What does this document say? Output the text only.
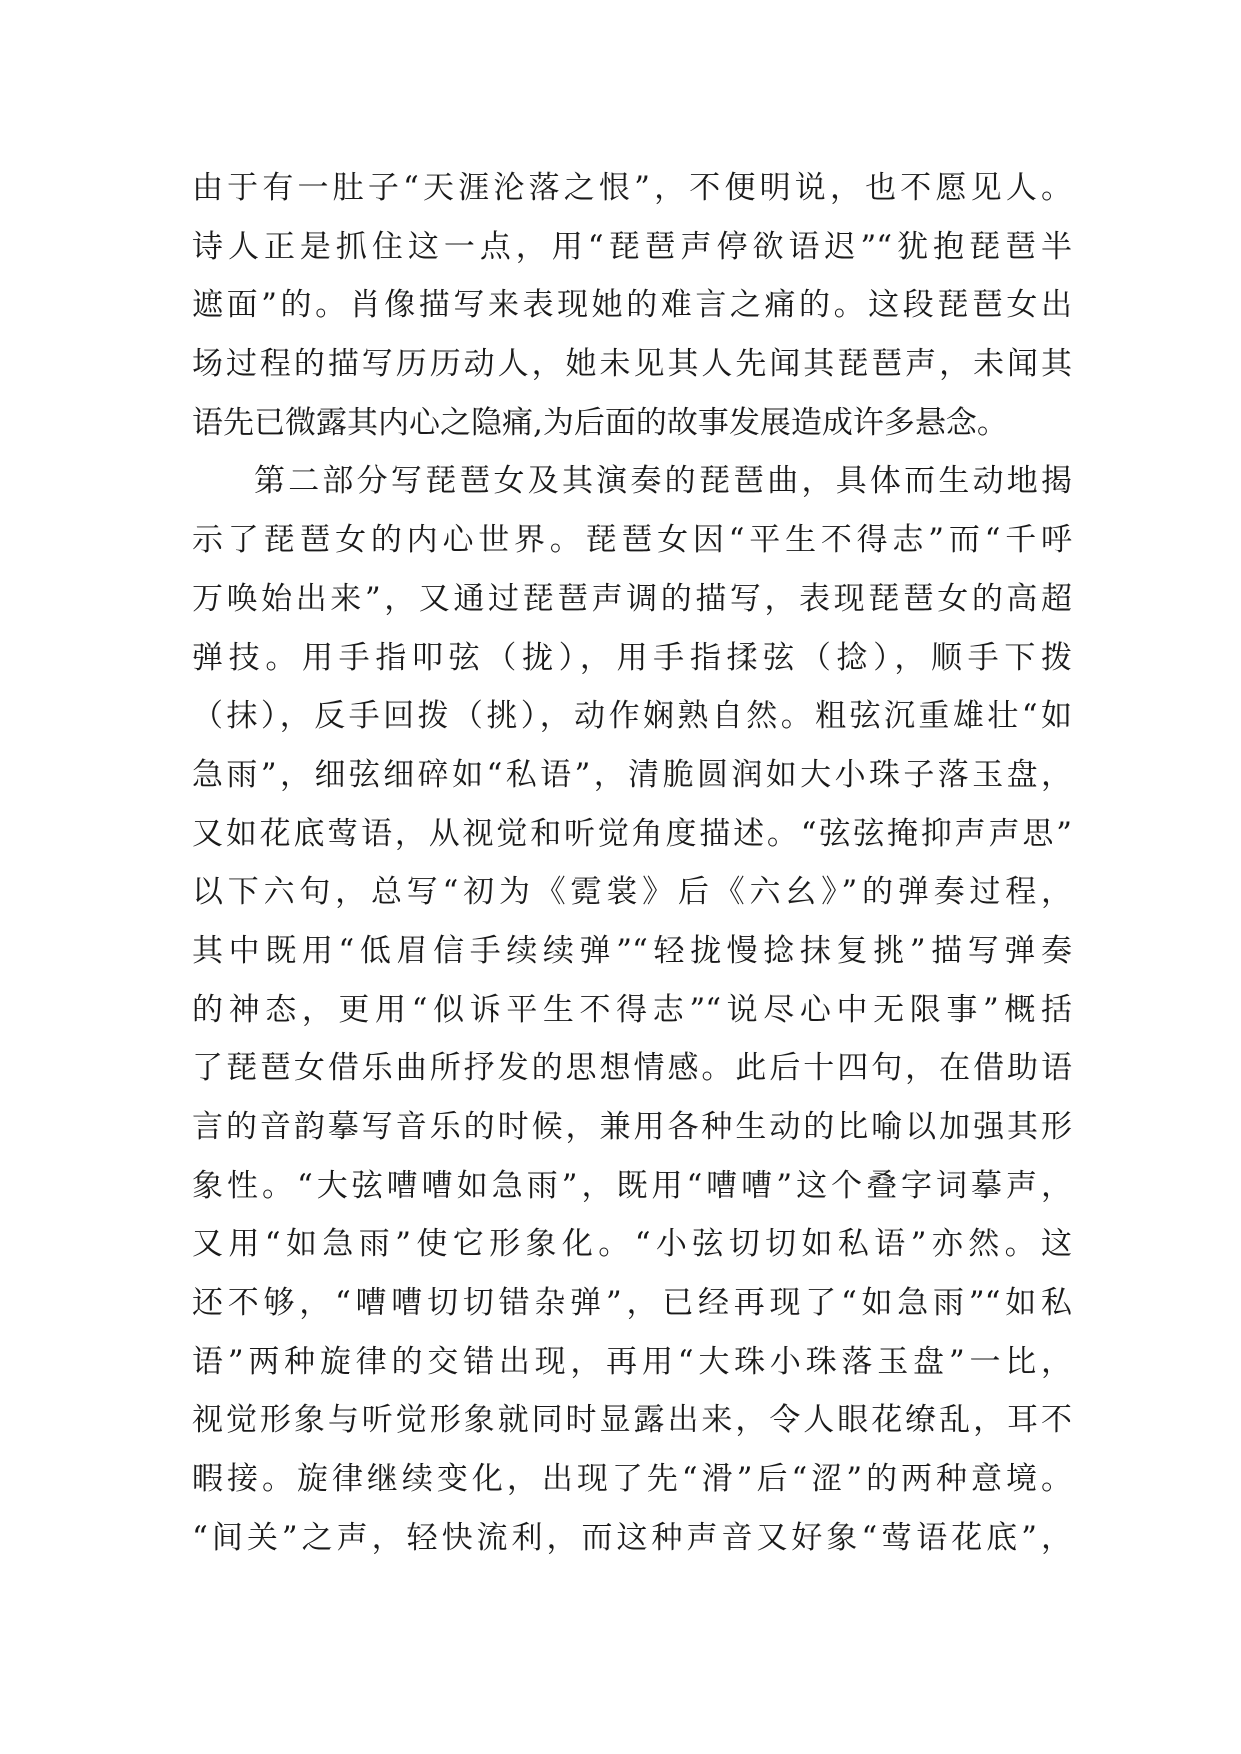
由于有一肚子“天涯沦落之恨”，不便明说，也不愿见人。
诗人正是抓住这一点，用“琵琶声停欲语迟”“犹抱琵琶半
遮面”的。肖像描写来表现她的难言之痛的。这段琵琶女出
场过程的描写历历动人，她未见其人先闻其琵琶声，未闻其
语先已微露其内心之隐痛,为后面的故事发展造成许多悬念。
第二部分写琵琶女及其演奏的琵琶曲，具体而生动地揭
示了琵琶女的内心世界。琵琶女因“平生不得志”而“千呼
万唤始出来”，又通过琵琶声调的描写，表现琵琶女的高超
弹技。用手指叩弦（拢），用手指揉弦（捻），顺手下拨
（抹），反手回拨（挑），动作娴熟自然。粗弦沉重雄壮“如
急雨”，细弦细碎如“私语”，清脆圆润如大小珠子落玉盘，
又如花底莺语，从视觉和听觉角度描述。“弦弦掩抑声声思”
以下六句，总写“初为《霓裳》后《六幺》”的弹奏过程，
其中既用“低眉信手续续弹”“轻拢慢捻抹复挑”描写弹奏
的神态，更用“似诉平生不得志”“说尽心中无限事”概括
了琵琶女借乐曲所抒发的思想情感。此后十四句，在借助语
言的音韵摹写音乐的时候，兼用各种生动的比喻以加强其形
象性。“大弦嘈嘈如急雨”，既用“嘈嘈”这个叠字词摹声，
又用“如急雨”使它形象化。“小弦切切如私语”亦然。这
还不够，“嘈嘈切切错杂弹”，已经再现了“如急雨”“如私
语”两种旋律的交错出现，再用“大珠小珠落玉盘”一比，
视觉形象与听觉形象就同时显露出来，令人眼花缭乱，耳不
暇接。旋律继续变化，出现了先“滑”后“涩”的两种意境。
“间关”之声，轻快流利，而这种声音又好象“莺语花底”，
